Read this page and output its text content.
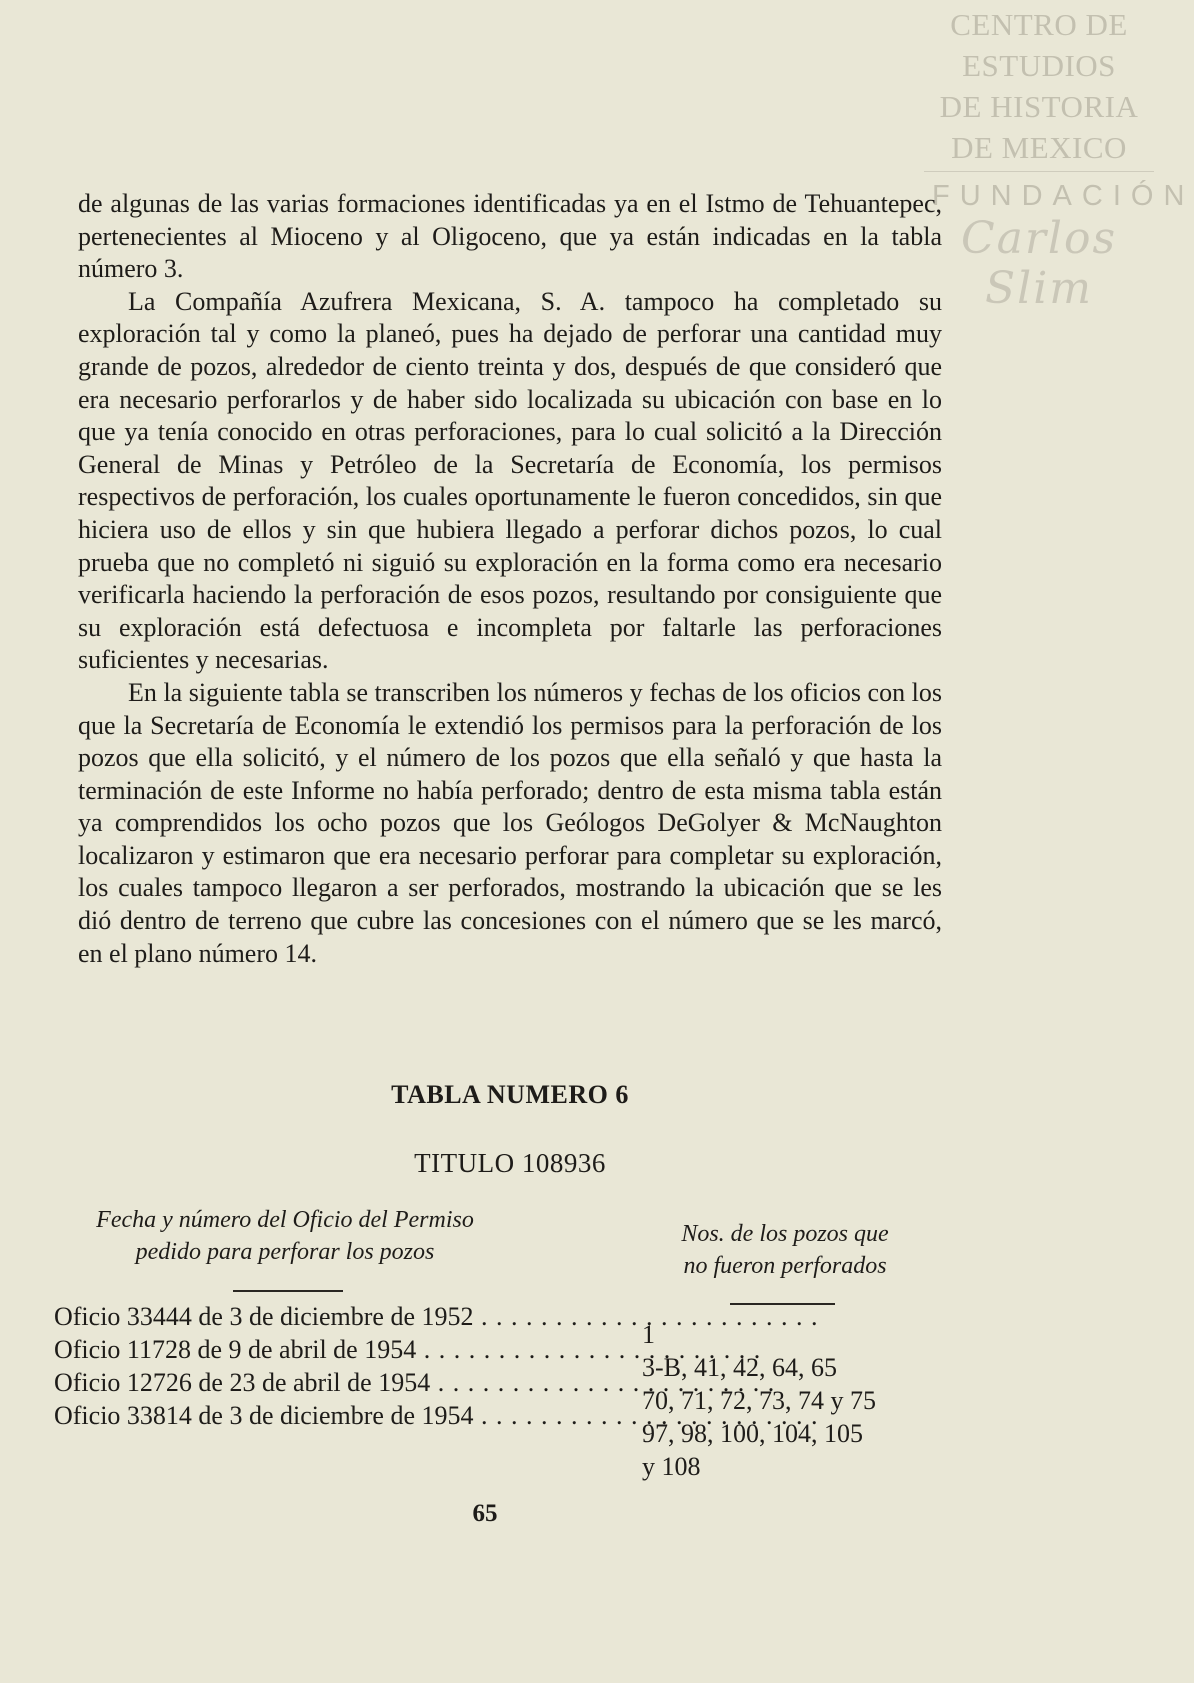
CENTRO DE
ESTUDIOS
DE HISTORIA
DE MEXICO
FUNDACIÓN
Carlos Slim

de algunas de las varias formaciones identificadas ya en el Istmo de Tehuantepec, pertenecientes al Mioceno y al Oligoceno, que ya están indicadas en la tabla número 3.

La Compañía Azufrera Mexicana, S. A. tampoco ha completado su exploración tal y como la planeó, pues ha dejado de perforar una cantidad muy grande de pozos, alrededor de ciento treinta y dos, después de que consideró que era necesario perforarlos y de haber sido localizada su ubicación con base en lo que ya tenía conocido en otras perforaciones, para lo cual solicitó a la Dirección General de Minas y Petróleo de la Secretaría de Economía, los permisos respectivos de perforación, los cuales oportunamente le fueron concedidos, sin que hiciera uso de ellos y sin que hubiera llegado a perforar dichos pozos, lo cual prueba que no completó ni siguió su exploración en la forma como era necesario verificarla haciendo la perforación de esos pozos, resultando por consiguiente que su exploración está defectuosa e incompleta por faltarle las perforaciones suficientes y necesarias.

En la siguiente tabla se transcriben los números y fechas de los oficios con los que la Secretaría de Economía le extendió los permisos para la perforación de los pozos que ella solicitó, y el número de los pozos que ella señaló y que hasta la terminación de este Informe no había perforado; dentro de esta misma tabla están ya comprendidos los ocho pozos que los Geólogos DeGolyer & McNaughton localizaron y estimaron que era necesario perforar para completar su exploración, los cuales tampoco llegaron a ser perforados, mostrando la ubicación que se les dió dentro de terreno que cubre las concesiones con el número que se les marcó, en el plano número 14.

TABLA NUMERO 6
TITULO 108936
Fecha y número del Oficio del Permiso
pedido para perforar los pozos
Nos. de los pozos que
no fueron perforados
Oficio 33444 de 3 de diciembre de 1952 . . .
Oficio 11728 de 9 de abril de 1954 . . .
Oficio 12726 de 23 de abril de 1954 . . .
Oficio 33814 de 3 de diciembre de 1954 . . .
1
3-B, 41, 42, 64, 65
70, 71, 72, 73, 74 y 75
97, 98, 100, 104, 105
y 108
65
